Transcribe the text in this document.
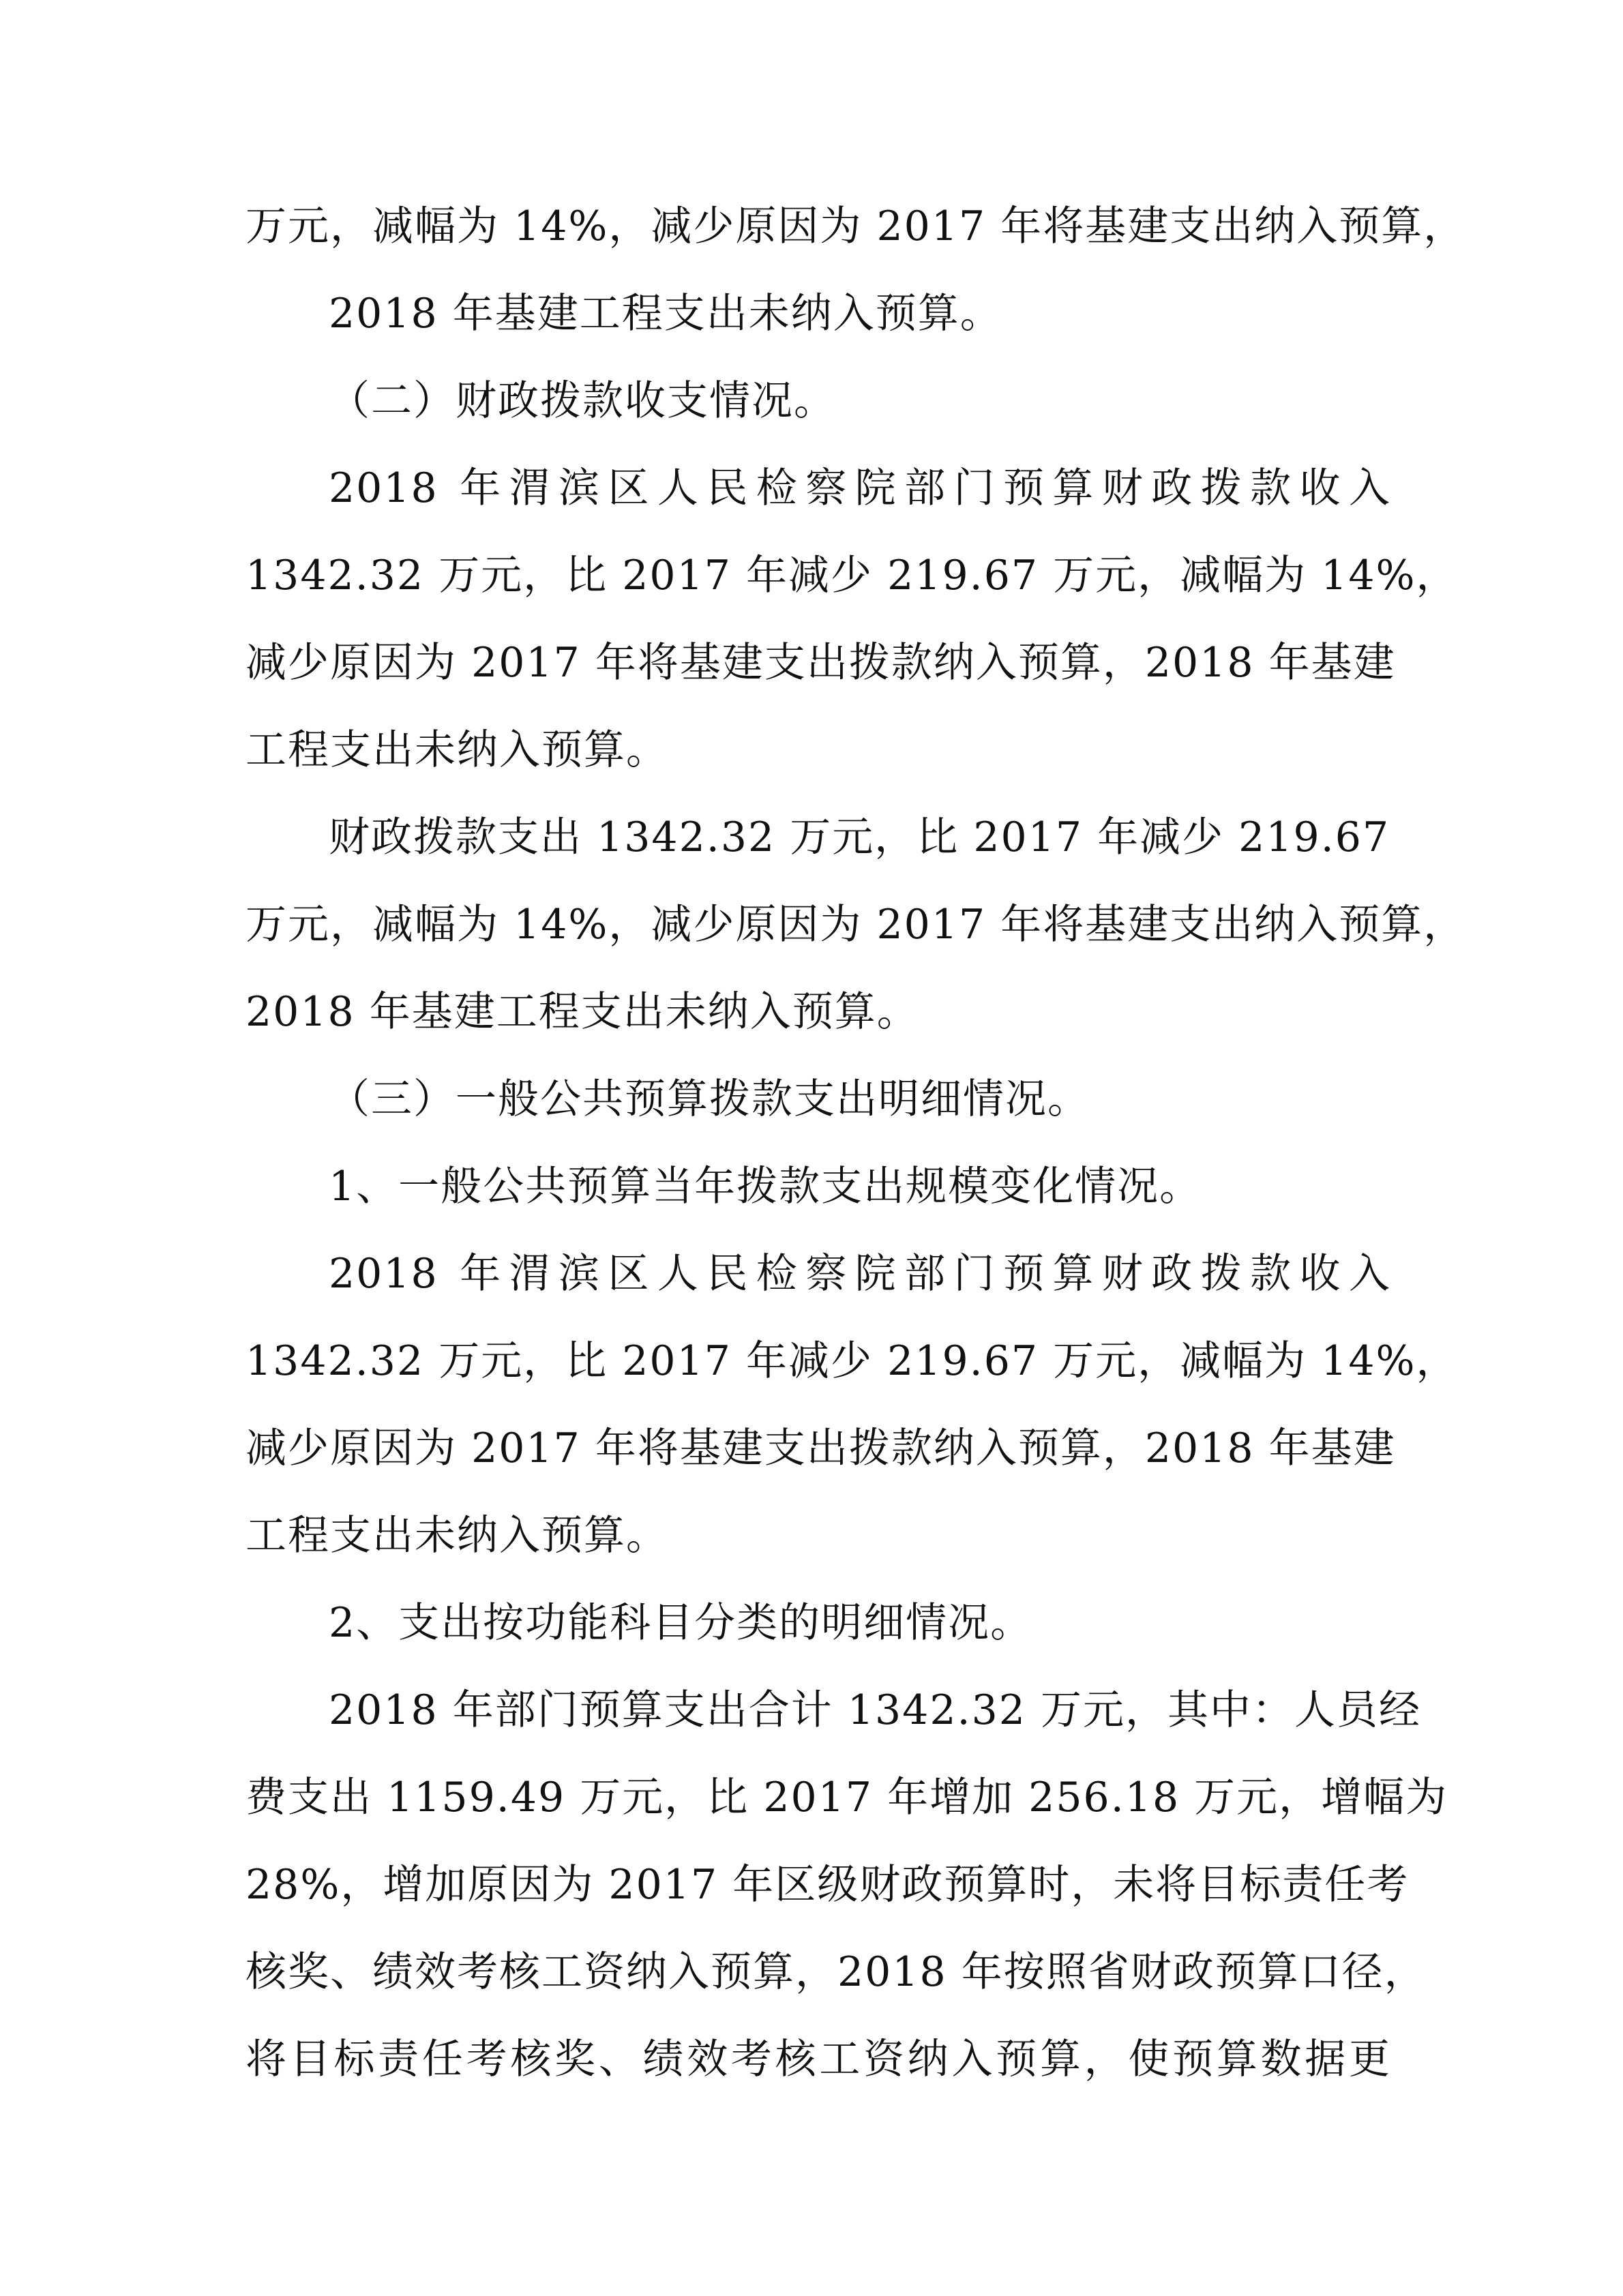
万元，减幅为 14%，减少原因为 2017 年将基建支出纳入预算，
2018 年基建工程支出未纳入预算。
（二）财政拨款收支情况。
2018 年渭滨区人民检察院部门预算财政拨款收入
1342.32 万元，比 2017 年减少 219.67 万元，减幅为 14%，
减少原因为 2017 年将基建支出拨款纳入预算，2018 年基建
工程支出未纳入预算。
财政拨款支出 1342.32 万元，比 2017 年减少 219.67
万元，减幅为 14%，减少原因为 2017 年将基建支出纳入预算，
2018 年基建工程支出未纳入预算。
（三）一般公共预算拨款支出明细情况。
1、一般公共预算当年拨款支出规模变化情况。
2018 年渭滨区人民检察院部门预算财政拨款收入
1342.32 万元，比 2017 年减少 219.67 万元，减幅为 14%，
减少原因为 2017 年将基建支出拨款纳入预算，2018 年基建
工程支出未纳入预算。
2、支出按功能科目分类的明细情况。
2018 年部门预算支出合计 1342.32 万元，其中：人员经
费支出 1159.49 万元，比 2017 年增加 256.18 万元，增幅为
28%，增加原因为 2017 年区级财政预算时，未将目标责任考
核奖、绩效考核工资纳入预算，2018 年按照省财政预算口径，
将目标责任考核奖、绩效考核工资纳入预算，使预算数据更
